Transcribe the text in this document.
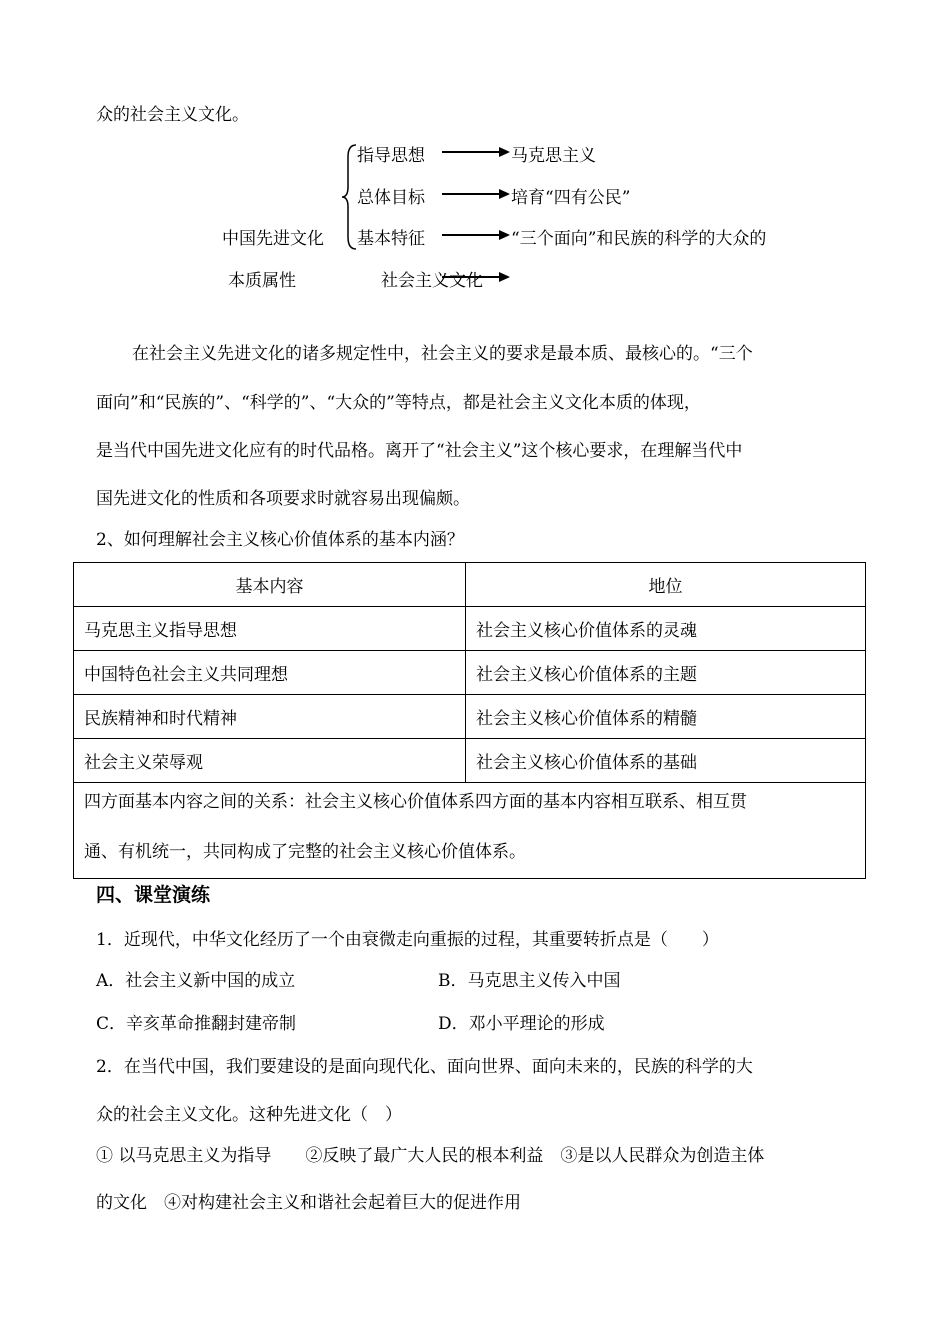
众的社会主义文化。
指导思想	马克思主义
总体目标	培育“四有公民”
中国先进文化 基本特征	“三个面向”和民族的科学的大众的
本质属性	社会主义文化
在社会主义先进文化的诸多规定性中，社会主义的要求是最本质、最核心的。“三个
面向”和“民族的”、“科学的”、“大众的”等特点，都是社会主义文化本质的体现，
是当代中国先进文化应有的时代品格。离开了“社会主义”这个核心要求，在理解当代中
国先进文化的性质和各项要求时就容易出现偏颇。
2、如何理解社会主义核心价值体系的基本内涵？
基本内容	地位
马克思主义指导思想	社会主义核心价值体系的灵魂
中国特色社会主义共同理想	社会主义核心价值体系的主题
民族精神和时代精神	社会主义核心价值体系的精髓
社会主义荣辱观	社会主义核心价值体系的基础

四方面基本内容之间的关系：社会主义核心价值体系四方面的基本内容相互联系、相互贯
通、有机统一，共同构成了完整的社会主义核心价值体系。	
四、课堂演练
1．近现代，中华文化经历了一个由衰微走向重振的过程，其重要转折点是（　　）
A．社会主义新中国的成立	B．马克思主义传入中国
C．辛亥革命推翻封建帝制	D．邓小平理论的形成
2．在当代中国，我们要建设的是面向现代化、面向世界、面向未来的，民族的科学的大
众的社会主义文化。这种先进文化（　）
① 以马克思主义为指导　　②反映了最广大人民的根本利益　③是以人民群众为创造主体
的文化　④对构建社会主义和谐社会起着巨大的促进作用
